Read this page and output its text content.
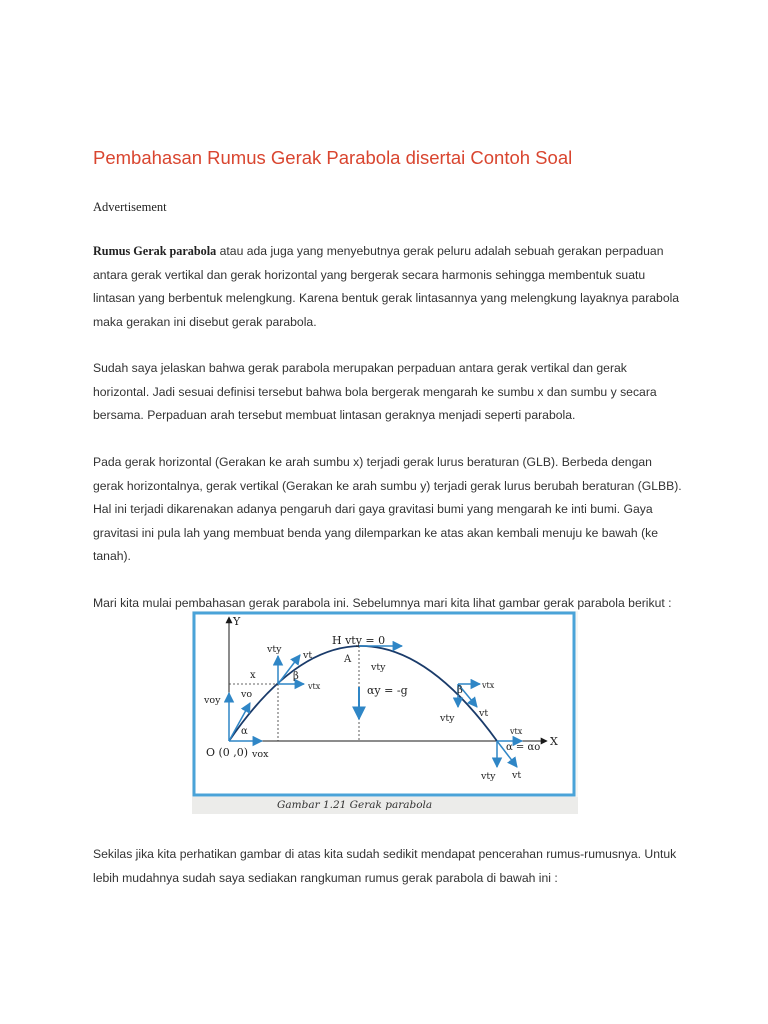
Pembahasan Rumus Gerak Parabola disertai Contoh Soal
Advertisement

Rumus Gerak parabola atau ada juga yang menyebutnya gerak peluru adalah sebuah gerakan perpaduan antara gerak vertikal dan gerak horizontal yang bergerak secara harmonis sehingga membentuk suatu lintasan yang berbentuk melengkung. Karena bentuk gerak lintasannya yang melengkung layaknya parabola maka gerakan ini disebut gerak parabola.

Sudah saya jelaskan bahwa gerak parabola merupakan perpaduan antara gerak vertikal dan gerak horizontal. Jadi sesuai definisi tersebut bahwa bola bergerak mengarah ke sumbu x dan sumbu y secara bersama. Perpaduan arah tersebut membuat lintasan geraknya menjadi seperti parabola.

Pada gerak horizontal (Gerakan ke arah sumbu x) terjadi gerak lurus beraturan (GLB). Berbeda dengan gerak horizontalnya, gerak vertikal (Gerakan ke arah sumbu y) terjadi gerak lurus berubah beraturan (GLBB). Hal ini terjadi dikarenakan adanya pengaruh dari gaya gravitasi bumi yang mengarah ke inti bumi. Gaya gravitasi ini pula lah yang membuat benda yang dilemparkan ke atas akan kembali menuju ke bawah (ke tanah).

Mari kita mulai pembahasan gerak parabola ini. Sebelumnya mari kita lihat gambar gerak parabola berikut :

Gambar 1.21 Gerak parabola
Y
X
voy
vo
α
O (0 ,0) vox
vty
vt
β
vtx
x
H vty = 0
A
vty
αy = -g	β vtx
vty	vt
vtx
α = αo
vty vt

Sekilas jika kita perhatikan gambar di atas kita sudah sedikit mendapat pencerahan rumus-rumusnya. Untuk lebih mudahnya sudah saya sediakan rangkuman rumus gerak parabola di bawah ini :
